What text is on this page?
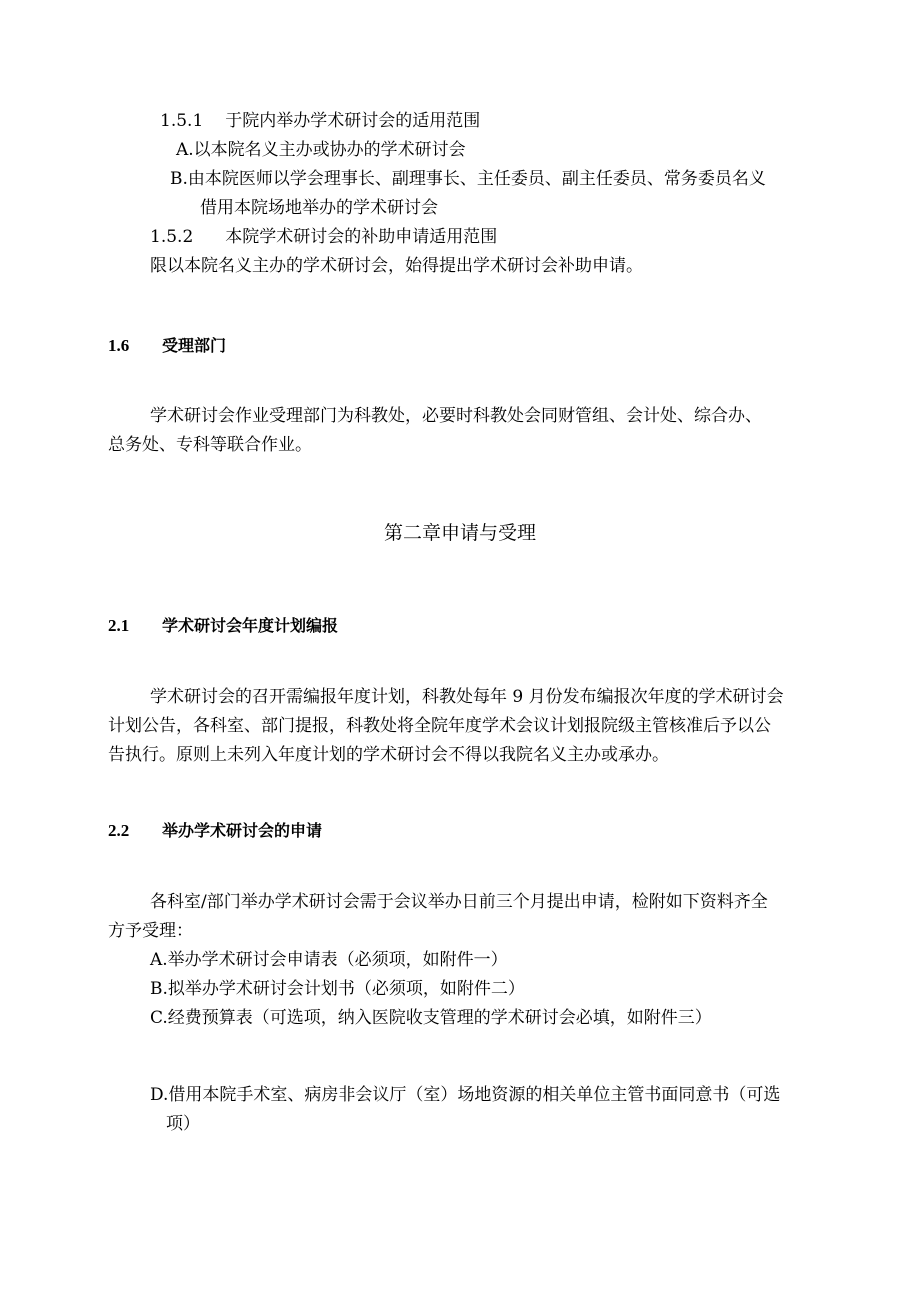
1.5.1 于院内举办学术研讨会的适用范围
A.以本院名义主办或协办的学术研讨会
B.由本院医师以学会理事长、副理事长、主任委员、副主任委员、常务委员名义
借用本院场地举办的学术研讨会
1.5.2 本院学术研讨会的补助申请适用范围
限以本院名义主办的学术研讨会，始得提出学术研讨会补助申请。
1.6 受理部门
学术研讨会作业受理部门为科教处，必要时科教处会同财管组、会计处、综合办、
总务处、专科等联合作业。
第二章申请与受理
2.1 学术研讨会年度计划编报
学术研讨会的召开需编报年度计划，科教处每年 9 月份发布编报次年度的学术研讨会
计划公告，各科室、部门提报，科教处将全院年度学术会议计划报院级主管核准后予以公
告执行。原则上未列入年度计划的学术研讨会不得以我院名义主办或承办。
2.2 举办学术研讨会的申请
各科室/部门举办学术研讨会需于会议举办日前三个月提出申请，检附如下资料齐全
方予受理：
A.举办学术研讨会申请表（必须项，如附件一）
B.拟举办学术研讨会计划书（必须项，如附件二）
C.经费预算表（可选项，纳入医院收支管理的学术研讨会必填，如附件三）
D.借用本院手术室、病房非会议厅（室）场地资源的相关单位主管书面同意书（可选
项）
